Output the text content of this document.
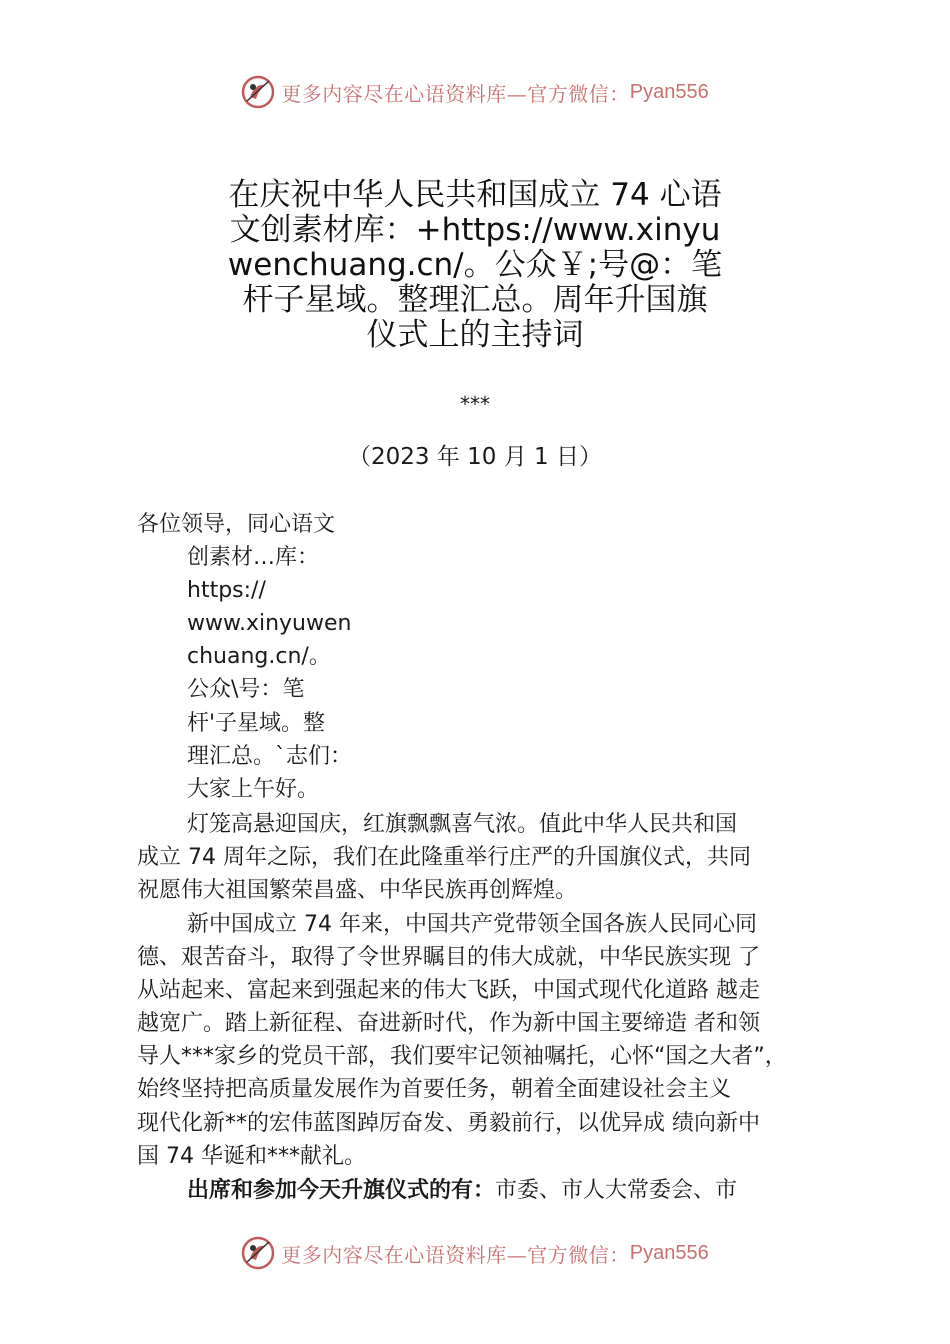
更多内容尽在心语资料库— 官方微信： Pyan556
在庆祝中华人民共和国成立 74 心语
文创素材库：+https://www.xinyu
wenchuang.cn/。公众￥;号@：笔
杆子星域。整理汇总。周年升国旗
仪式上的主持词
***
（2023 年 10 月 1 日）
各位领导，同心语文
创素材…库：
https://
www.xinyuwen
chuang.cn/。
公众\号：笔
杆'子星域。整
理汇总。`志们：
大家上午好。
灯笼高悬迎国庆，红旗飘飘喜气浓。值此中华人民共和国
成立 74 周年之际，我们在此隆重举行庄严的升国旗仪式，共同
祝愿伟大祖国繁荣昌盛、中华民族再创辉煌。
新中国成立 74 年来，中国共产党带领全国各族人民同心同
德、艰苦奋斗，取得了令世界瞩目的伟大成就，中华民族实现 了
从站起来、富起来到强起来的伟大飞跃，中国式现代化道路 越走
越宽广。踏上新征程、奋进新时代，作为新中国主要缔造 者和领
导人***家乡的党员干部，我们要牢记领袖嘱托，心怀“国之大者”，
始终坚持把高质量发展作为首要任务，朝着全面建设社会主义
现代化新**的宏伟蓝图踔厉奋发、勇毅前行，以优异成 绩向新中
国 74 华诞和***献礼。
出席和参加今天升旗仪式的有：市委、市人大常委会、市
更多内容尽在心语资料库— 官方微信： Pyan556
